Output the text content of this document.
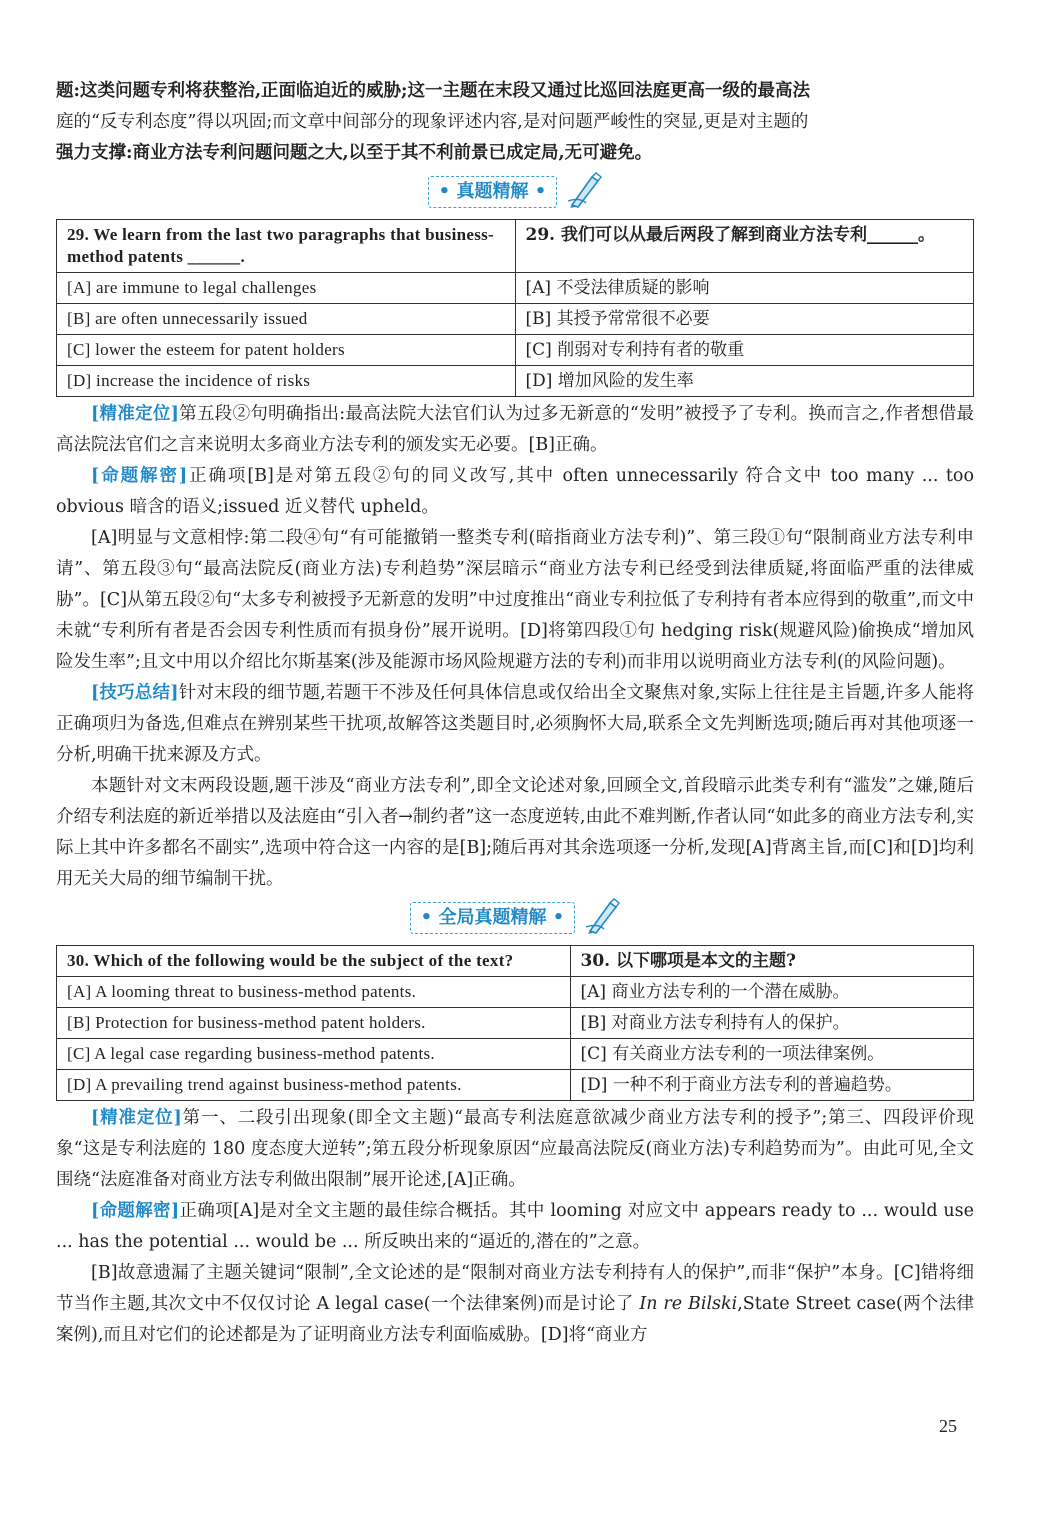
题:这类问题专利将获整治,正面临迫近的威胁;这一主题在末段又通过比巡回法庭更高一级的最高法

庭的“反专利态度”得以巩固;而文章中间部分的现象评述内容,是对问题严峻性的突显,更是对主题的

强力支撑:商业方法专利问题问题之大,以至于其不利前景已成定局,无可避免。

• 真题精解 •
29. We learn from the last two paragraphs that business-method patents ______.	29. 我们可以从最后两段了解到商业方法专利______。
[A] are immune to legal challenges	[A] 不受法律质疑的影响
[B] are often unnecessarily issued	[B] 其授予常常很不必要
[C] lower the esteem for patent holders	[C] 削弱对专利持有者的敬重
[D] increase the incidence of risks	[D] 增加风险的发生率

[精准定位]第五段②句明确指出:最高法院大法官们认为过多无新意的“发明”被授予了专利。换而言之,作者想借最高法院法官们之言来说明太多商业方法专利的颁发实无必要。[B]正确。

[命题解密]正确项[B]是对第五段②句的同义改写,其中 often unnecessarily 符合文中 too many ... too obvious 暗含的语义;issued 近义替代 upheld。

[A]明显与文意相悖:第二段④句“有可能撤销一整类专利(暗指商业方法专利)”、第三段①句“限制商业方法专利申请”、第五段③句“最高法院反(商业方法)专利趋势”深层暗示“商业方法专利已经受到法律质疑,将面临严重的法律威胁”。[C]从第五段②句“太多专利被授予无新意的发明”中过度推出“商业专利拉低了专利持有者本应得到的敬重”,而文中未就“专利所有者是否会因专利性质而有损身份”展开说明。[D]将第四段①句 hedging risk(规避风险)偷换成“增加风险发生率”;且文中用以介绍比尔斯基案(涉及能源市场风险规避方法的专利)而非用以说明商业方法专利(的风险问题)。

[技巧总结]针对末段的细节题,若题干不涉及任何具体信息或仅给出全文聚焦对象,实际上往往是主旨题,许多人能将正确项归为备选,但难点在辨别某些干扰项,故解答这类题目时,必须胸怀大局,联系全文先判断选项;随后再对其他项逐一分析,明确干扰来源及方式。

本题针对文末两段设题,题干涉及“商业方法专利”,即全文论述对象,回顾全文,首段暗示此类专利有“滥发”之嫌,随后介绍专利法庭的新近举措以及法庭由“引入者→制约者”这一态度逆转,由此不难判断,作者认同“如此多的商业方法专利,实际上其中许多都名不副实”,选项中符合这一内容的是[B];随后再对其余选项逐一分析,发现[A]背离主旨,而[C]和[D]均利用无关大局的细节编制干扰。

• 全局真题精解 •
30. Which of the following would be the subject of the text?	30. 以下哪项是本文的主题?
[A] A looming threat to business-method patents.	[A] 商业方法专利的一个潜在威胁。
[B] Protection for business-method patent holders.	[B] 对商业方法专利持有人的保护。
[C] A legal case regarding business-method patents.	[C] 有关商业方法专利的一项法律案例。
[D] A prevailing trend against business-method patents.	[D] 一种不利于商业方法专利的普遍趋势。

[精准定位]第一、二段引出现象(即全文主题)“最高专利法庭意欲减少商业方法专利的授予”;第三、四段评价现象“这是专利法庭的 180 度态度大逆转”;第五段分析现象原因“应最高法院反(商业方法)专利趋势而为”。由此可见,全文围绕“法庭准备对商业方法专利做出限制”展开论述,[A]正确。

[命题解密]正确项[A]是对全文主题的最佳综合概括。其中 looming 对应文中 appears ready to ... would use ... has the potential ... would be ... 所反映出来的“逼近的,潜在的”之意。

[B]故意遗漏了主题关键词“限制”,全文论述的是“限制对商业方法专利持有人的保护”,而非“保护”本身。[C]错将细节当作主题,其次文中不仅仅讨论 A legal case(一个法律案例)而是讨论了 In re Bilski,State Street case(两个法律案例),而且对它们的论述都是为了证明商业方法专利面临威胁。[D]将“商业方

25
